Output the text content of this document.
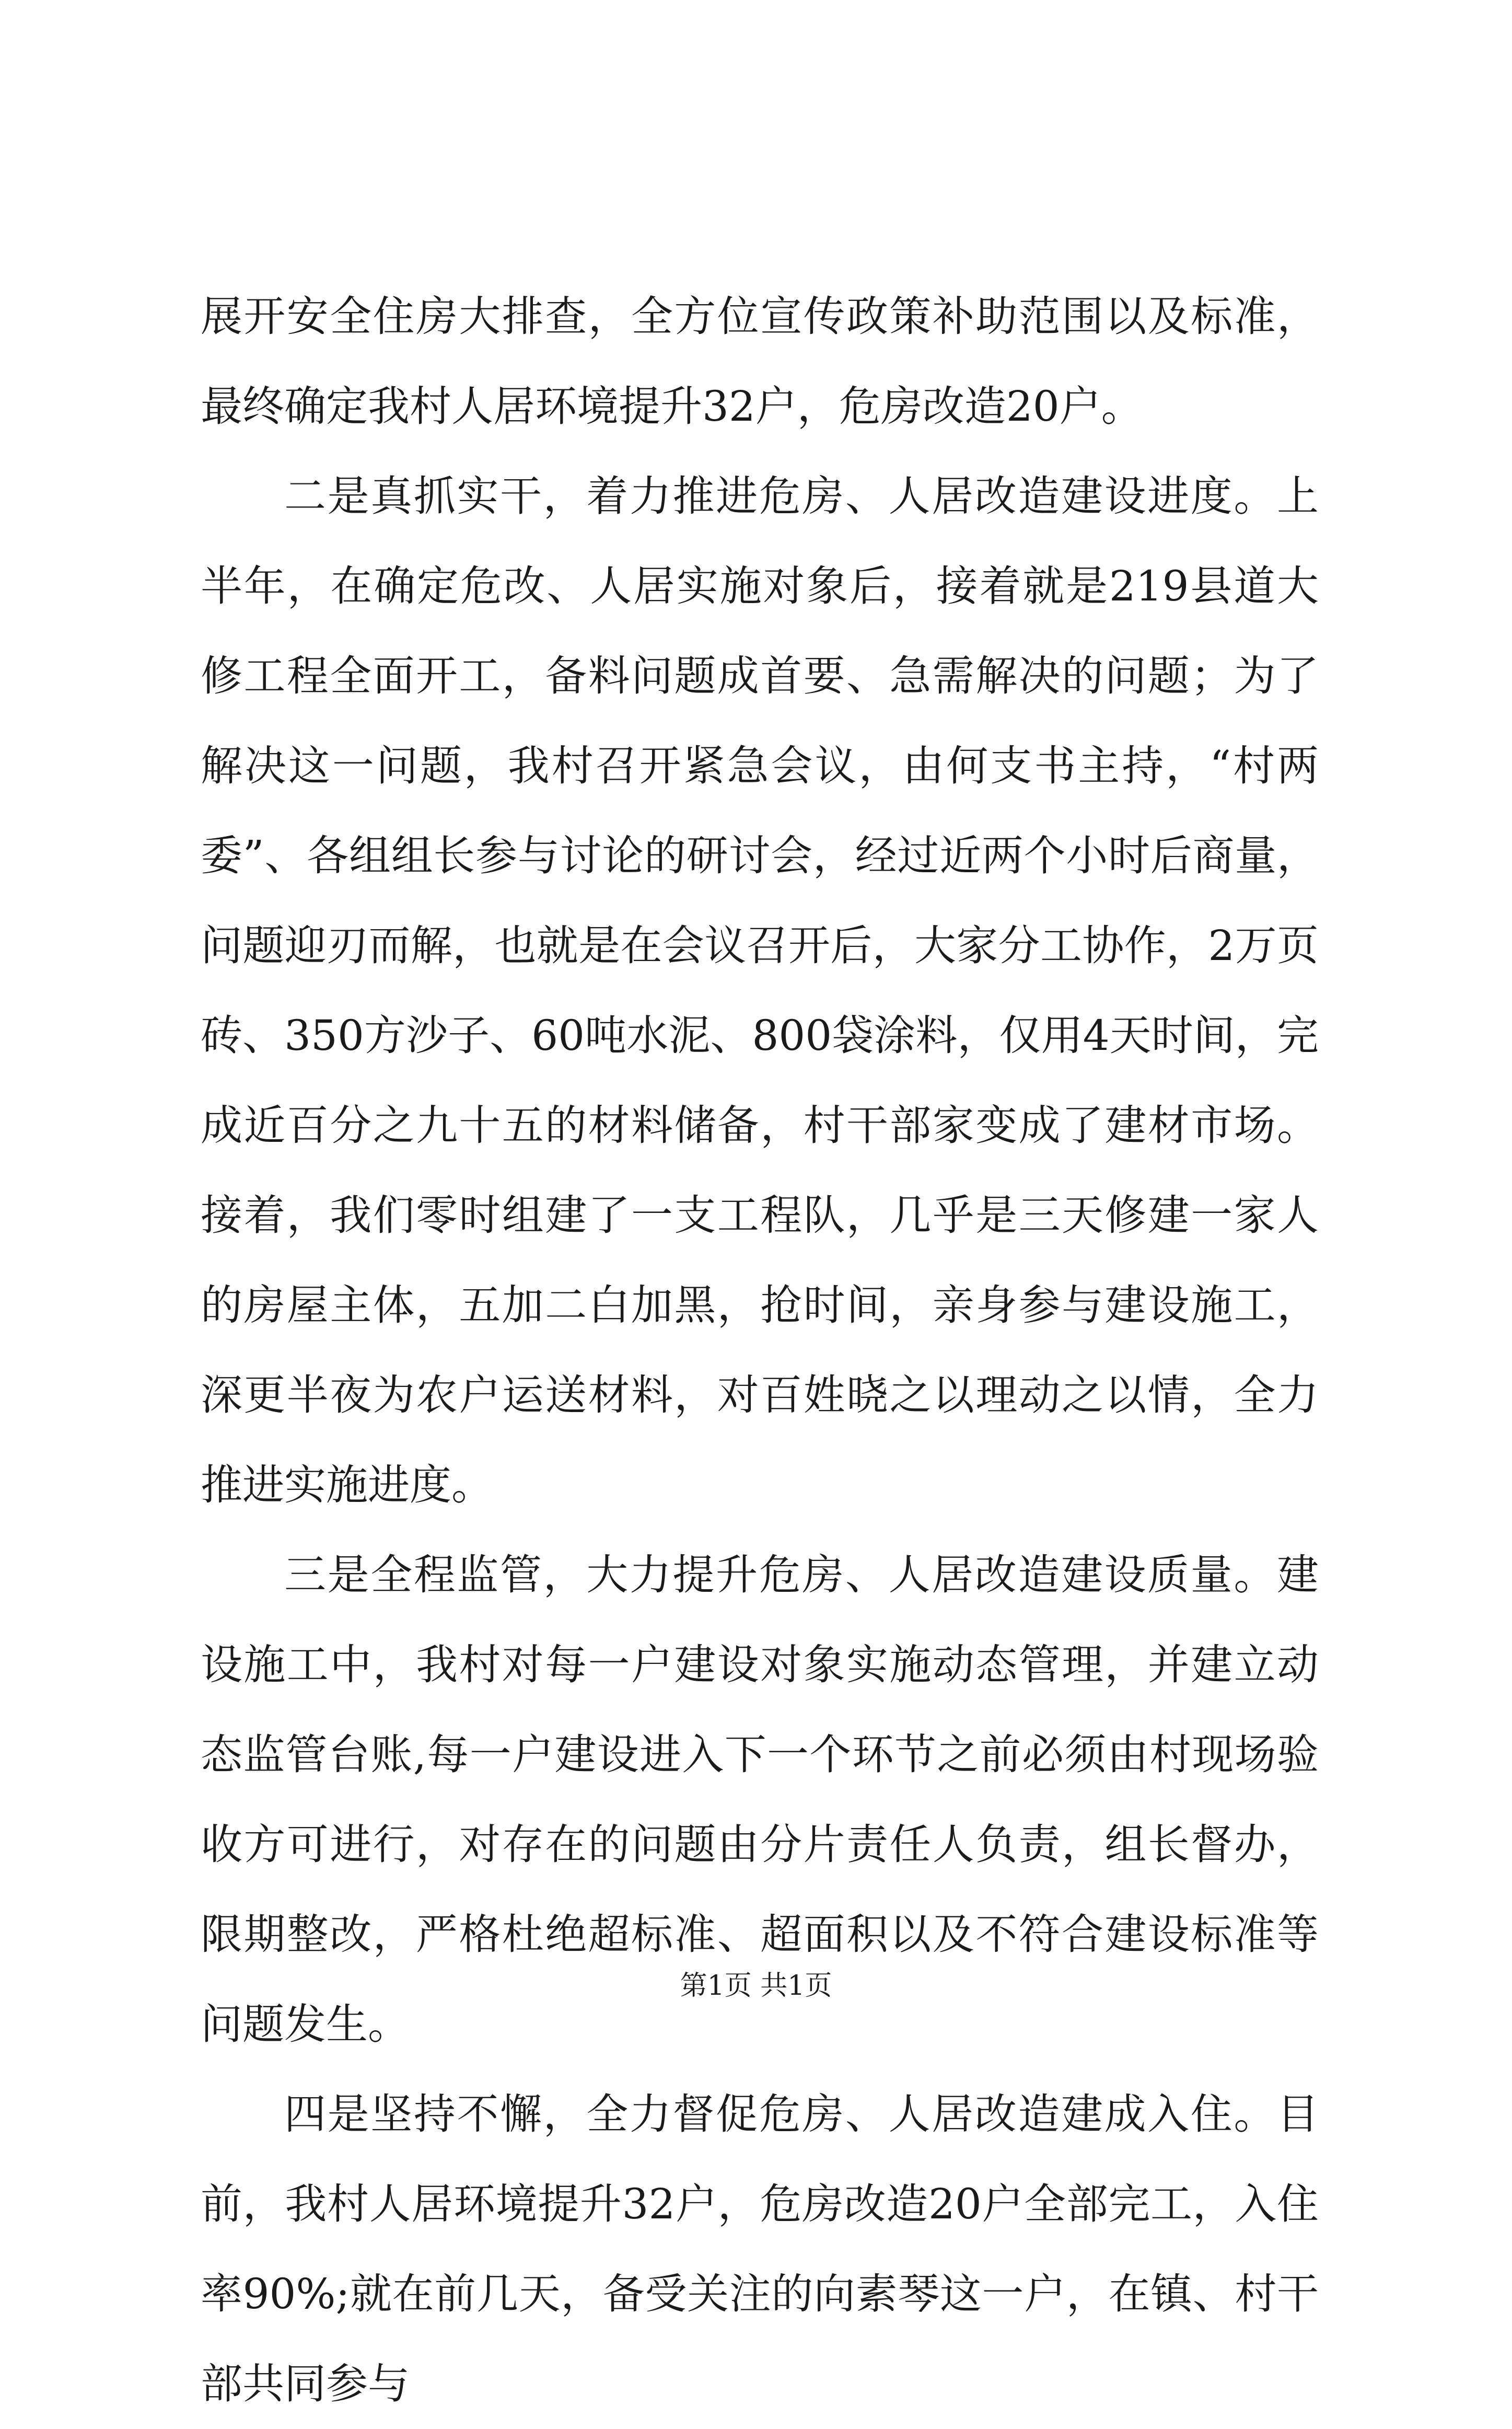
展开安全住房大排查，全方位宣传政策补助范围以及标准，最终确定我村人居环境提升32户，危房改造20户。

二是真抓实干，着力推进危房、人居改造建设进度。上半年，在确定危改、人居实施对象后，接着就是219县道大修工程全面开工，备料问题成首要、急需解决的问题；为了解决这一问题，我村召开紧急会议，由何支书主持，“村两委”、各组组长参与讨论的研讨会，经过近两个小时后商量，问题迎刃而解，也就是在会议召开后，大家分工协作，2万页砖、350方沙子、60吨水泥、800袋涂料，仅用4天时间，完成近百分之九十五的材料储备，村干部家变成了建材市场。接着，我们零时组建了一支工程队，几乎是三天修建一家人的房屋主体，五加二白加黑，抢时间，亲身参与建设施工，深更半夜为农户运送材料，对百姓晓之以理动之以情，全力推进实施进度。

三是全程监管，大力提升危房、人居改造建设质量。建设施工中，我村对每一户建设对象实施动态管理，并建立动态监管台账,每一户建设进入下一个环节之前必须由村现场验收方可进行，对存在的问题由分片责任人负责，组长督办，限期整改，严格杜绝超标准、超面积以及不符合建设标准等问题发生。

四是坚持不懈，全力督促危房、人居改造建成入住。目前，我村人居环境提升32户，危房改造20户全部完工，入住率90%;就在前几天，备受关注的向素琴这一户，在镇、村干部共同参与

第1页 共1页
